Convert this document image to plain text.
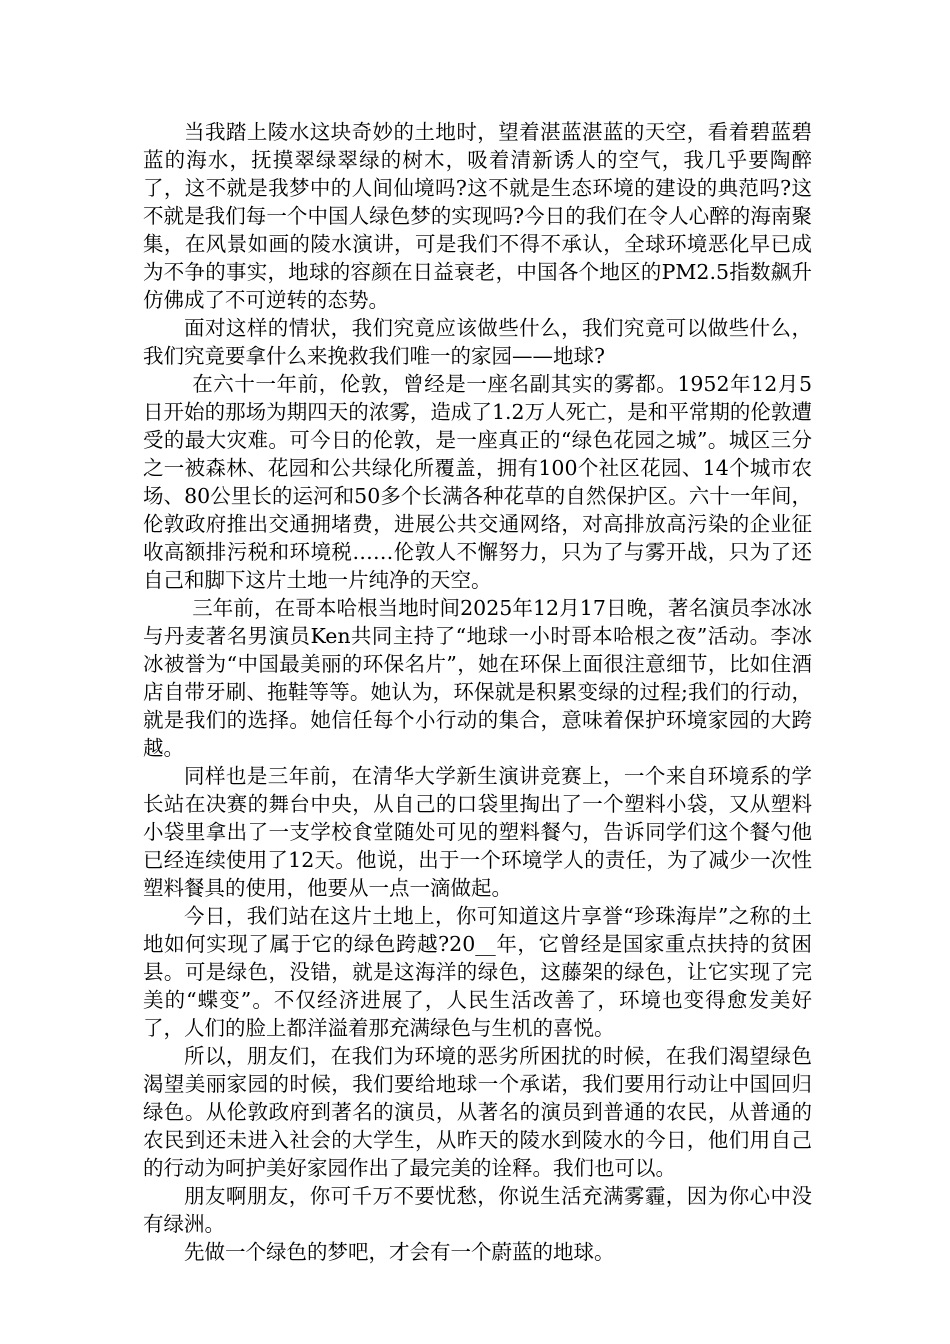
当我踏上陵水这块奇妙的土地时，望着湛蓝湛蓝的天空，看着碧蓝碧蓝的海水，抚摸翠绿翠绿的树木，吸着清新诱人的空气，我几乎要陶醉了，这不就是我梦中的人间仙境吗?这不就是生态环境的建设的典范吗?这不就是我们每一个中国人绿色梦的实现吗?今日的我们在令人心醉的海南聚集，在风景如画的陵水演讲，可是我们不得不承认，全球环境恶化早已成为不争的事实，地球的容颜在日益衰老，中国各个地区的PM2.5指数飙升仿佛成了不可逆转的态势。

面对这样的情状，我们究竟应该做些什么，我们究竟可以做些什么，我们究竟要拿什么来挽救我们唯一的家园——地球?

在六十一年前，伦敦，曾经是一座名副其实的雾都。1952年12月5日开始的那场为期四天的浓雾，造成了1.2万人死亡，是和平常期的伦敦遭受的最大灾难。可今日的伦敦，是一座真正的“绿色花园之城”。城区三分之一被森林、花园和公共绿化所覆盖，拥有100个社区花园、14个城市农场、80公里长的运河和50多个长满各种花草的自然保护区。六十一年间，伦敦政府推出交通拥堵费，进展公共交通网络，对高排放高污染的企业征收高额排污税和环境税……伦敦人不懈努力，只为了与雾开战，只为了还自己和脚下这片土地一片纯净的天空。

三年前，在哥本哈根当地时间2025年12月17日晚，著名演员李冰冰与丹麦著名男演员Ken共同主持了“地球一小时哥本哈根之夜”活动。李冰冰被誉为“中国最美丽的环保名片”，她在环保上面很注意细节，比如住酒店自带牙刷、拖鞋等等。她认为，环保就是积累变绿的过程;我们的行动，就是我们的选择。她信任每个小行动的集合，意味着保护环境家园的大跨越。

同样也是三年前，在清华大学新生演讲竞赛上，一个来自环境系的学长站在决赛的舞台中央，从自己的口袋里掏出了一个塑料小袋，又从塑料小袋里拿出了一支学校食堂随处可见的塑料餐勺，告诉同学们这个餐勺他已经连续使用了12天。他说，出于一个环境学人的责任，为了减少一次性塑料餐具的使用，他要从一点一滴做起。

今日，我们站在这片土地上，你可知道这片享誉“珍珠海岸”之称的土地如何实现了属于它的绿色跨越?20__年，它曾经是国家重点扶持的贫困县。可是绿色，没错，就是这海洋的绿色，这藤架的绿色，让它实现了完美的“蝶变”。不仅经济进展了，人民生活改善了，环境也变得愈发美好了，人们的脸上都洋溢着那充满绿色与生机的喜悦。

所以，朋友们，在我们为环境的恶劣所困扰的时候，在我们渴望绿色渴望美丽家园的时候，我们要给地球一个承诺，我们要用行动让中国回归绿色。从伦敦政府到著名的演员，从著名的演员到普通的农民，从普通的农民到还未进入社会的大学生，从昨天的陵水到陵水的今日，他们用自己的行动为呵护美好家园作出了最完美的诠释。我们也可以。

朋友啊朋友，你可千万不要忧愁，你说生活充满雾霾，因为你心中没有绿洲。

先做一个绿色的梦吧，才会有一个蔚蓝的地球。
